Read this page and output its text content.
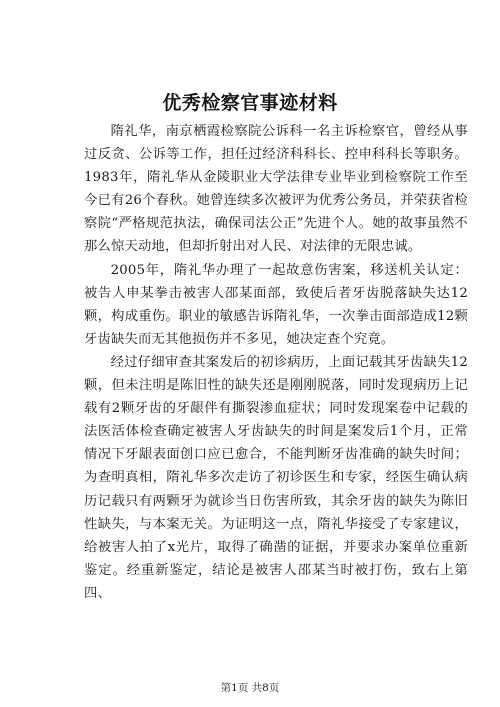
优秀检察官事迹材料

隋礼华，南京栖霞检察院公诉科一名主诉检察官，曾经从事过反贪、公诉等工作，担任过经济科科长、控申科科长等职务。1983年，隋礼华从金陵职业大学法律专业毕业到检察院工作至今已有26个春秋。她曾连续多次被评为优秀公务员，并荣获省检察院“严格规范执法，确保司法公正”先进个人。她的故事虽然不那么惊天动地，但却折射出对人民、对法律的无限忠诚。

2005年，隋礼华办理了一起故意伤害案，移送机关认定：被告人申某拳击被害人邵某面部，致使后者牙齿脱落缺失达12颗，构成重伤。职业的敏感告诉隋礼华，一次拳击面部造成12颗牙齿缺失而无其他损伤并不多见，她决定查个究竟。

经过仔细审查其案发后的初诊病历，上面记载其牙齿缺失12颗，但未注明是陈旧性的缺失还是刚刚脱落，同时发现病历上记载有2颗牙齿的牙龈伴有撕裂渗血症状；同时发现案卷中记载的法医活体检查确定被害人牙齿缺失的时间是案发后1个月，正常情况下牙龈表面创口应已愈合，不能判断牙齿准确的缺失时间；为查明真相，隋礼华多次走访了初诊医生和专家，经医生确认病历记载只有两颗牙为就诊当日伤害所致，其余牙齿的缺失为陈旧性缺失，与本案无关。为证明这一点，隋礼华接受了专家建议，给被害人拍了x光片，取得了确凿的证据，并要求办案单位重新鉴定。经重新鉴定，结论是被害人邵某当时被打伤，致右上第四、

第1页 共8页
